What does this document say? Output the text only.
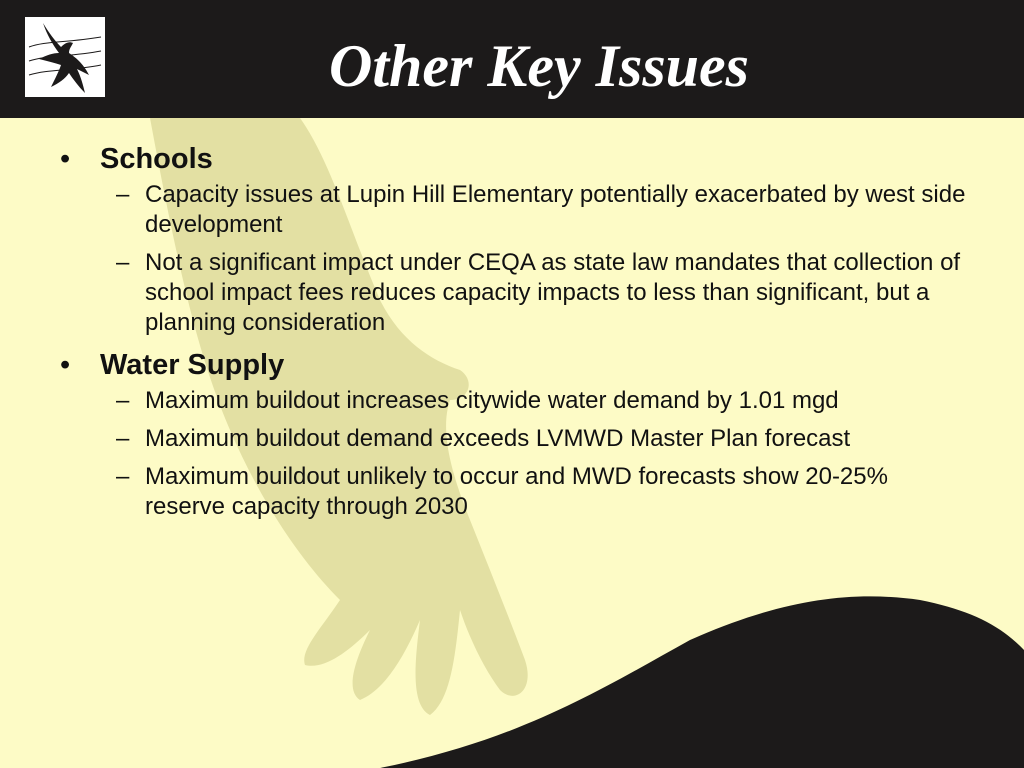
Other Key Issues
• Schools
– Capacity issues at Lupin Hill Elementary potentially exacerbated by west side development
– Not a significant impact under CEQA as state law mandates that collection of school impact fees reduces capacity impacts to less than significant, but a planning consideration
• Water Supply
– Maximum buildout increases citywide water demand by 1.01 mgd
– Maximum buildout demand exceeds LVMWD Master Plan forecast
– Maximum buildout unlikely to occur and MWD forecasts show 20-25% reserve capacity through 2030
